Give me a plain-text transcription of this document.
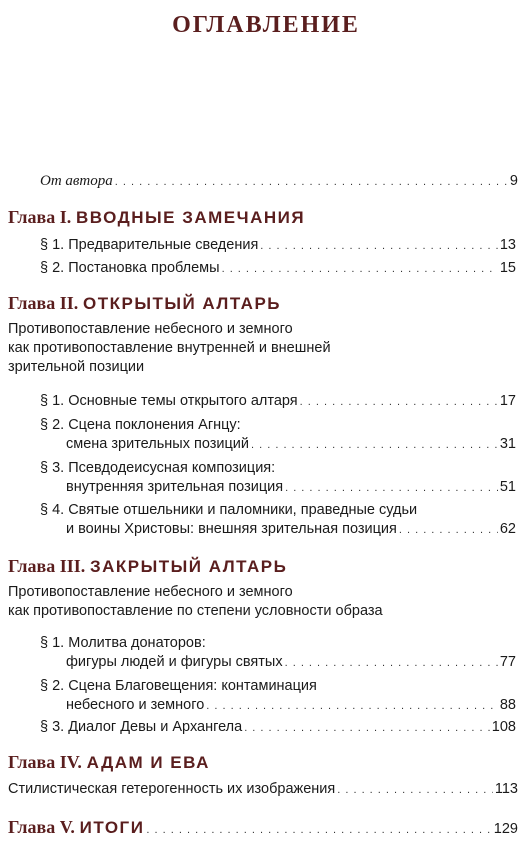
ОГЛАВЛЕНИЕ
От автора . . .	9
Глава I. ВВОДНЫЕ ЗАМЕЧАНИЯ
§ 1. Предварительные сведения . . .	13
§ 2. Постановка проблемы . . .	15
Глава II. ОТКРЫТЫЙ АЛТАРЬ
Противопоставление небесного и земного
как противопоставление внутренней и внешней
зрительной позиции
§ 1. Основные темы открытого алтаря . . .	17
§ 2. Сцена поклонения Агнцу:
смена зрительных позиций . . .	31
§ 3. Псевдодеисусная композиция:
внутренняя зрительная позиция . . .	51
§ 4. Святые отшельники и паломники, праведные судьи
и воины Христовы: внешняя зрительная позиция . . .	62
Глава III. ЗАКРЫТЫЙ АЛТАРЬ
Противопоставление небесного и земного
как противопоставление по степени условности образа
§ 1. Молитва донаторов:
фигуры людей и фигуры святых . . .	77
§ 2. Сцена Благовещения: контаминация
небесного и земного . . .	88
§ 3. Диалог Девы и Архангела . . .	108
Глава IV. АДАМ И ЕВА
Стилистическая гетерогенность их изображения . . .	113
Глава V. ИТОГИ . . .	129
